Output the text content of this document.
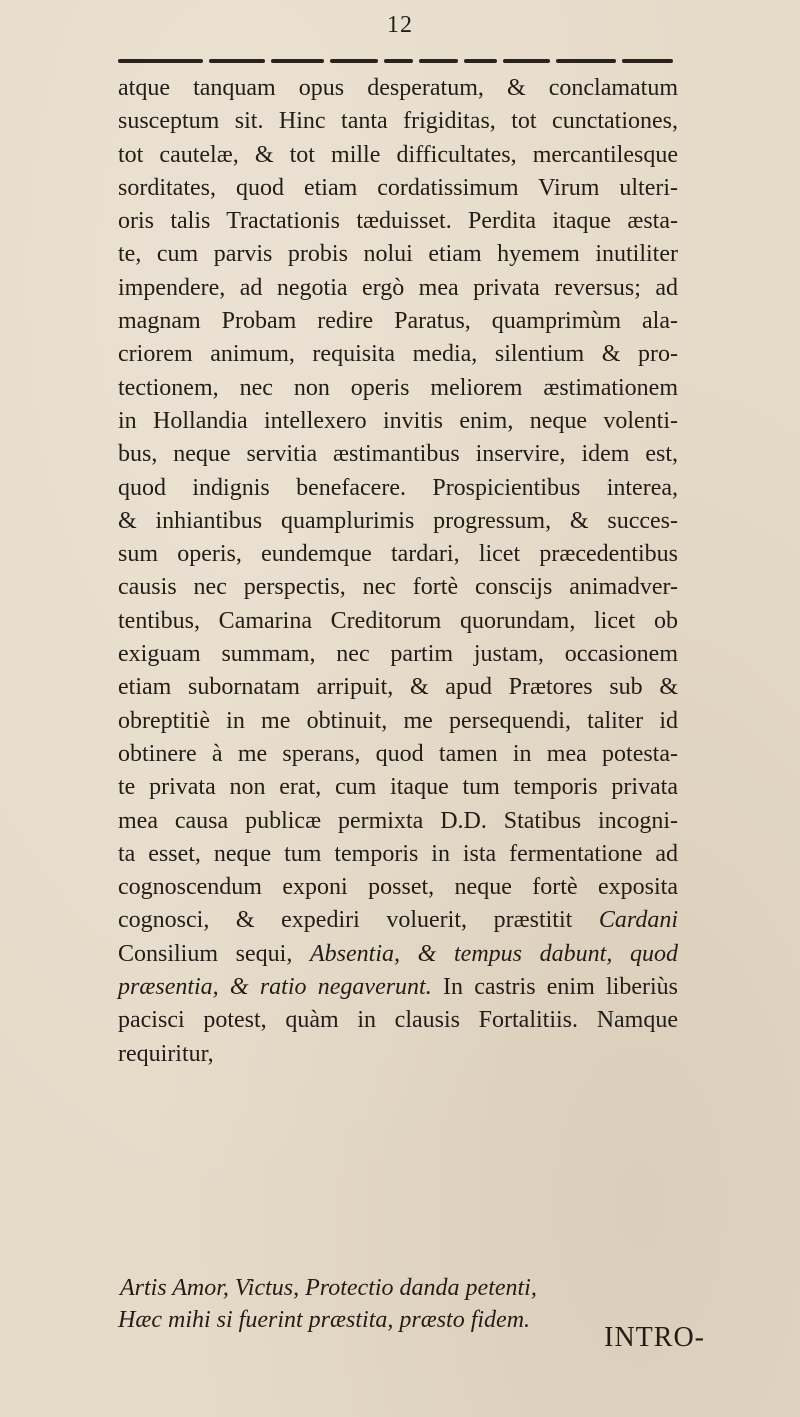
12
atque tanquam opus desperatum, & conclamatum
susceptum sit. Hinc tanta frigiditas, tot cunctationes,
tot cautelæ, & tot mille difficultates, mercantilesque
sorditates, quod etiam cordatissimum Virum ulteri-
oris talis Tractationis tæduisset. Perdita itaque æsta-
te, cum parvis probis nolui etiam hyemem inutiliter
impendere, ad negotia ergò mea privata reversus; ad
magnam Probam redire Paratus, quamprimùm ala-
criorem animum, requisita media, silentium & pro-
tectionem, nec non operis meliorem æstimationem
in Hollandia intellexero invitis enim, neque volenti-
bus, neque servitia æstimantibus inservire, idem est,
quod indignis benefacere. Prospicientibus interea,
& inhiantibus quamplurimis progressum, & succes-
sum operis, eundemque tardari, licet præcedentibus
causis nec perspectis, nec fortè conscijs animadver-
tentibus, Camarina Creditorum quorundam, licet ob
exiguam summam, nec partim justam, occasionem
etiam subornatam arripuit, & apud Prætores sub &
obreptitiè in me obtinuit, me persequendi, taliter id
obtinere à me sperans, quod tamen in mea potesta-
te privata non erat, cum itaque tum temporis privata
mea causa publicæ permixta D.D. Statibus incogni-
ta esset, neque tum temporis in ista fermentatione ad
cognoscendum exponi posset, neque fortè exposita
cognosci, & expediri voluerit, præstitit Cardani
Consilium sequi, Absentia, & tempus dabunt, quod
præsentia, & ratio negaverunt. In castris enim liberiùs
pacisci potest, quàm in clausis Fortalitiis. Namque
requiritur,
Artis Amor, Victus, Protectio danda petenti,
Hæc mihi si fuerint præstita, præsto fidem.
INTRO-
